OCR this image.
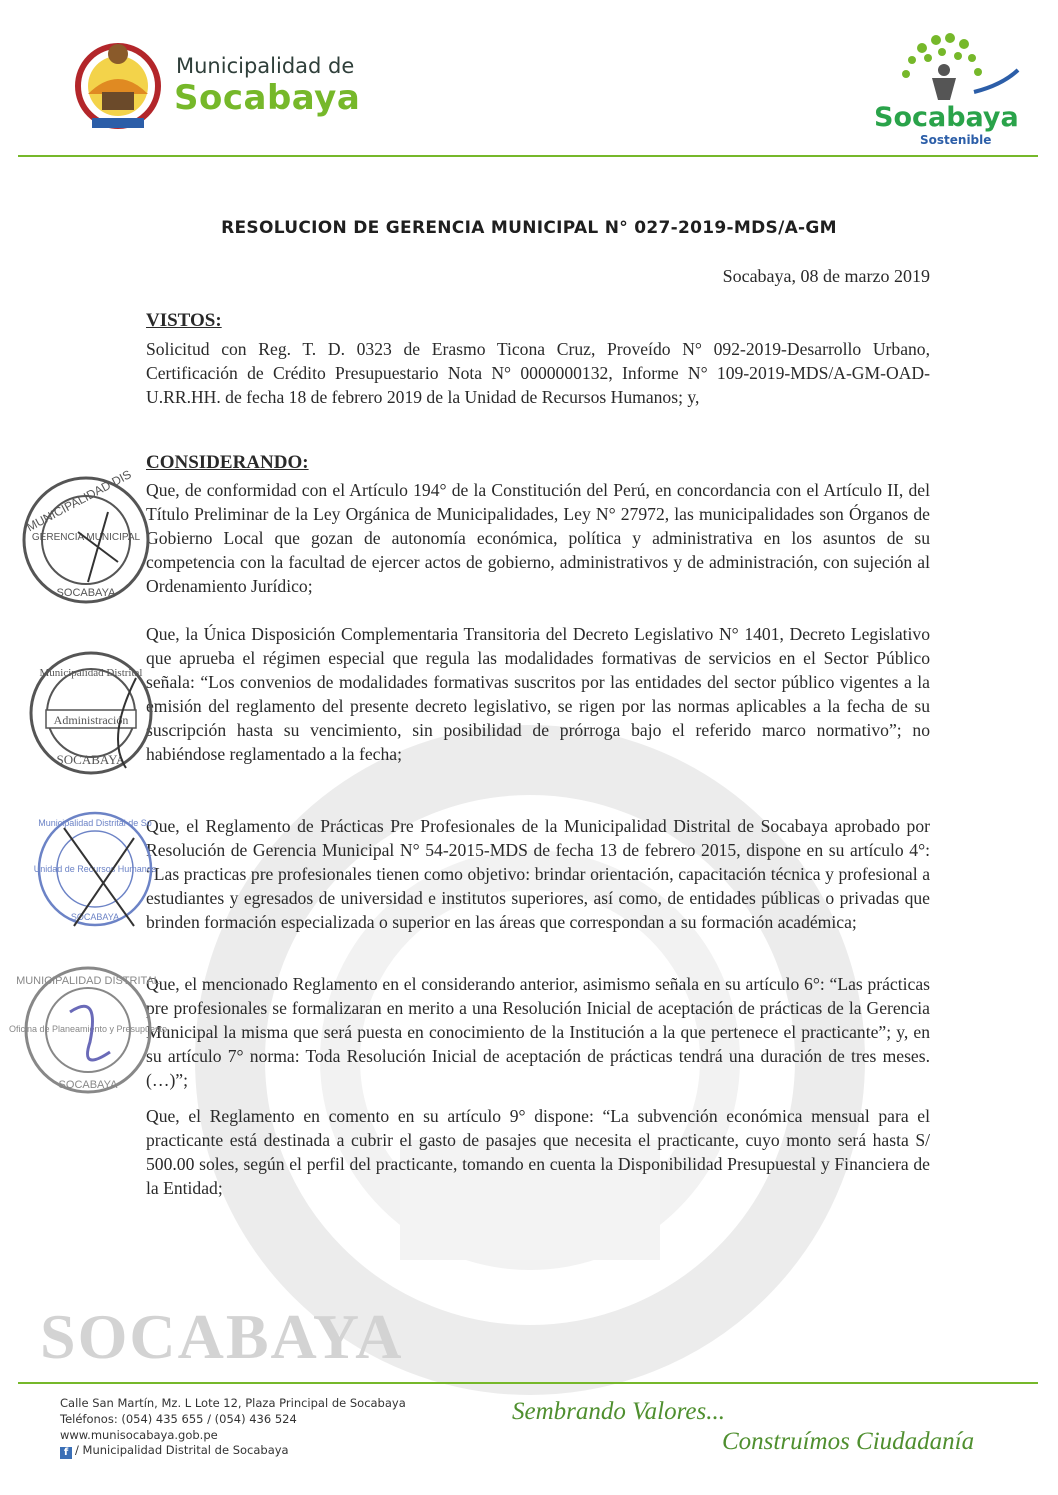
SOCABAYA
Municipalidad de
Socabaya	Socabaya
Sostenible
RESOLUCION DE GERENCIA MUNICIPAL N° 027-2019-MDS/A-GM
Socabaya, 08 de marzo 2019
VISTOS:
Solicitud con Reg. T. D. 0323 de Erasmo Ticona Cruz, Proveído N° 092-2019-Desarrollo Urbano, Certificación de Crédito Presupuestario Nota N° 0000000132, Informe N° 109-2019-MDS/A-GM-OAD-U.RR.HH. de fecha 18 de febrero 2019 de la Unidad de Recursos Humanos; y,
CONSIDERANDO:
Que, de conformidad con el Artículo 194° de la Constitución del Perú, en concordancia con el Artículo II, del Título Preliminar de la Ley Orgánica de Municipalidades, Ley N° 27972, las municipalidades son Órganos de Gobierno Local que gozan de autonomía económica, política y administrativa en los asuntos de su competencia con la facultad de ejercer actos de gobierno, administrativos y de administración, con sujeción al Ordenamiento Jurídico;
Que, la Única Disposición Complementaria Transitoria del Decreto Legislativo N° 1401, Decreto Legislativo que aprueba el régimen especial que regula las modalidades formativas de servicios en el Sector Público señala: “Los convenios de modalidades formativas suscritos por las entidades del sector público vigentes a la emisión del reglamento del presente decreto legislativo, se rigen por las normas aplicables a la fecha de su suscripción hasta su vencimiento, sin posibilidad de prórroga bajo el referido marco normativo”; no habiéndose reglamentado a la fecha;
Que, el Reglamento de Prácticas Pre Profesionales de la Municipalidad Distrital de Socabaya aprobado por Resolución de Gerencia Municipal N° 54-2015-MDS de fecha 13 de febrero 2015, dispone en su artículo 4°: “Las practicas pre profesionales tienen como objetivo: brindar orientación, capacitación técnica y profesional a estudiantes y egresados de universidad e institutos superiores, así como, de entidades públicas o privadas que brinden formación especializada o superior en las áreas que correspondan a su formación académica;
Que, el mencionado Reglamento en el considerando anterior, asimismo señala en su artículo 6°: “Las prácticas pre profesionales se formalizaran en merito a una Resolución Inicial de aceptación de prácticas de la Gerencia Municipal la misma que será puesta en conocimiento de la Institución a la que pertenece el practicante”; y, en su artículo 7° norma: Toda Resolución Inicial de aceptación de prácticas tendrá una duración de tres meses. (…)”;
Que, el Reglamento en comento en su artículo 9° dispone: “La subvención económica mensual para el practicante está destinada a cubrir el gasto de pasajes que necesita el practicante, cuyo monto será hasta S/ 500.00 soles, según el perfil del practicante, tomando en cuenta la Disponibilidad Presupuestal y Financiera de la Entidad;
MUNICIPALIDAD DIS
GERENCIA MUNICIPAL
SOCABAYA
Municipalidad Distrital
Administración
SOCABAYA
Municipalidad Distrital de So
Unidad de Recursos Humanos
SOCABAYA
MUNICIPALIDAD DISTRITAL
Oficina de Planeamiento y Presupuesto
SOCABAYA
Calle San Martín, Mz. L Lote 12, Plaza Principal de Socabaya
Teléfonos: (054) 435 655 / (054) 436 524
www.munisocabaya.gob.pe
f / Municipalidad Distrital de Socabaya
Sembrando Valores...
Construímos Ciudadanía
